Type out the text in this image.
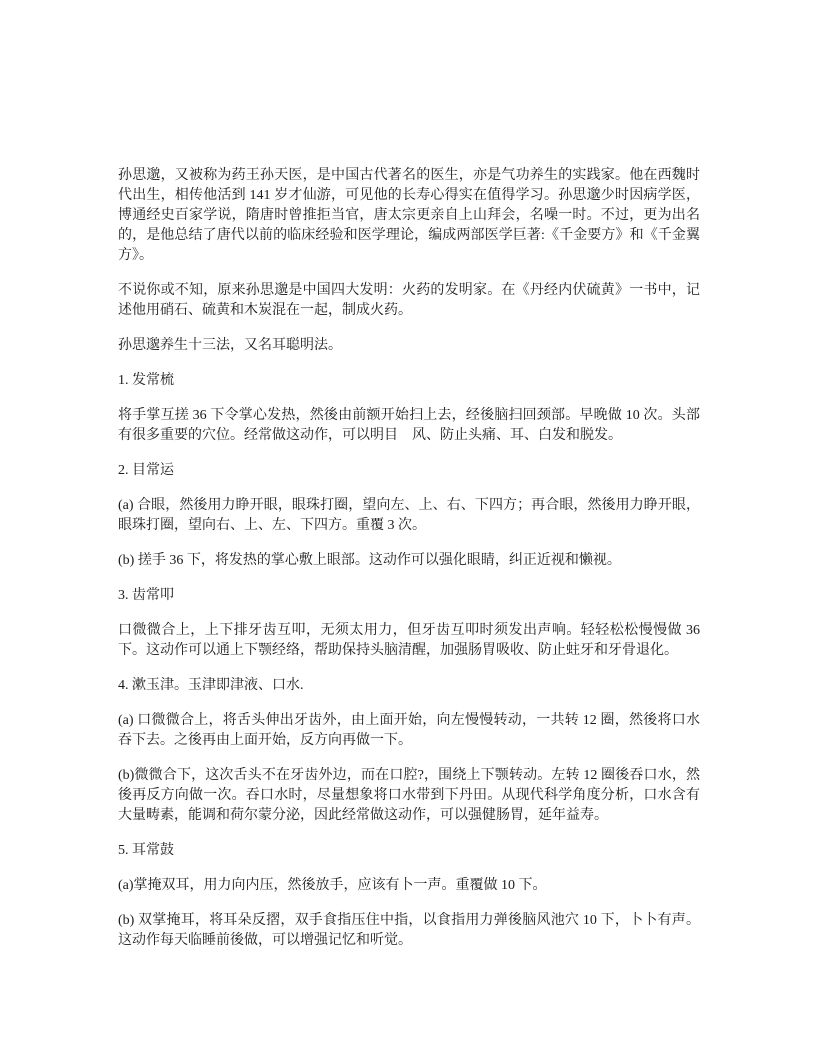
孙思邈，又被称为药王孙天医，是中国古代著名的医生，亦是气功养生的实践家。他在西魏时代出生，相传他活到 141 岁才仙游，可见他的长寿心得实在值得学习。孙思邈少时因病学医，博通经史百家学说，隋唐时曾推拒当官，唐太宗更亲自上山拜会，名噪一时。不过，更为出名的，是他总结了唐代以前的临床经验和医学理论，编成两部医学巨著:《千金要方》和《千金翼方》。

不说你或不知，原来孙思邈是中国四大发明：火药的发明家。在《丹经内伏硫黄》一书中，记述他用硝石、硫黄和木炭混在一起，制成火药。

孙思邈养生十三法，又名耳聪明法。

1. 发常梳

将手掌互搓 36 下令掌心发热，然後由前额开始扫上去，经後脑扫回颈部。早晚做 10 次。头部有很多重要的穴位。经常做这动作，可以明目　风、防止头痛、耳、白发和脱发。

2. 目常运

(a) 合眼，然後用力睁开眼，眼珠打圈，望向左、上、右、下四方；再合眼，然後用力睁开眼，眼珠打圈，望向右、上、左、下四方。重覆 3 次。

(b) 搓手 36 下，将发热的掌心敷上眼部。这动作可以强化眼睛，纠正近视和懒视。

3. 齿常叩

口微微合上，上下排牙齿互叩，无须太用力，但牙齿互叩时须发出声响。轻轻松松慢慢做 36 下。这动作可以通上下颚经络，帮助保持头脑清醒，加强肠胃吸收、防止蛀牙和牙骨退化。

4. 漱玉津。玉津即津液、口水.

(a) 口微微合上，将舌头伸出牙齿外，由上面开始，向左慢慢转动，一共转 12 圈，然後将口水吞下去。之後再由上面开始，反方向再做一下。

(b)微微合下，这次舌头不在牙齿外边，而在口腔?，围绕上下颚转动。左转 12 圈後吞口水，然後再反方向做一次。吞口水时，尽量想象将口水带到下丹田。从现代科学角度分析，口水含有大量畴素，能调和荷尔蒙分泌，因此经常做这动作，可以强健肠胃，延年益寿。

5. 耳常鼓

(a)掌掩双耳，用力向内压，然後放手，应该有卜一声。重覆做 10 下。

(b) 双掌掩耳，将耳朵反摺，双手食指压住中指，以食指用力弹後脑风池穴 10 下，卜卜有声。这动作每天临睡前後做，可以增强记忆和听觉。
